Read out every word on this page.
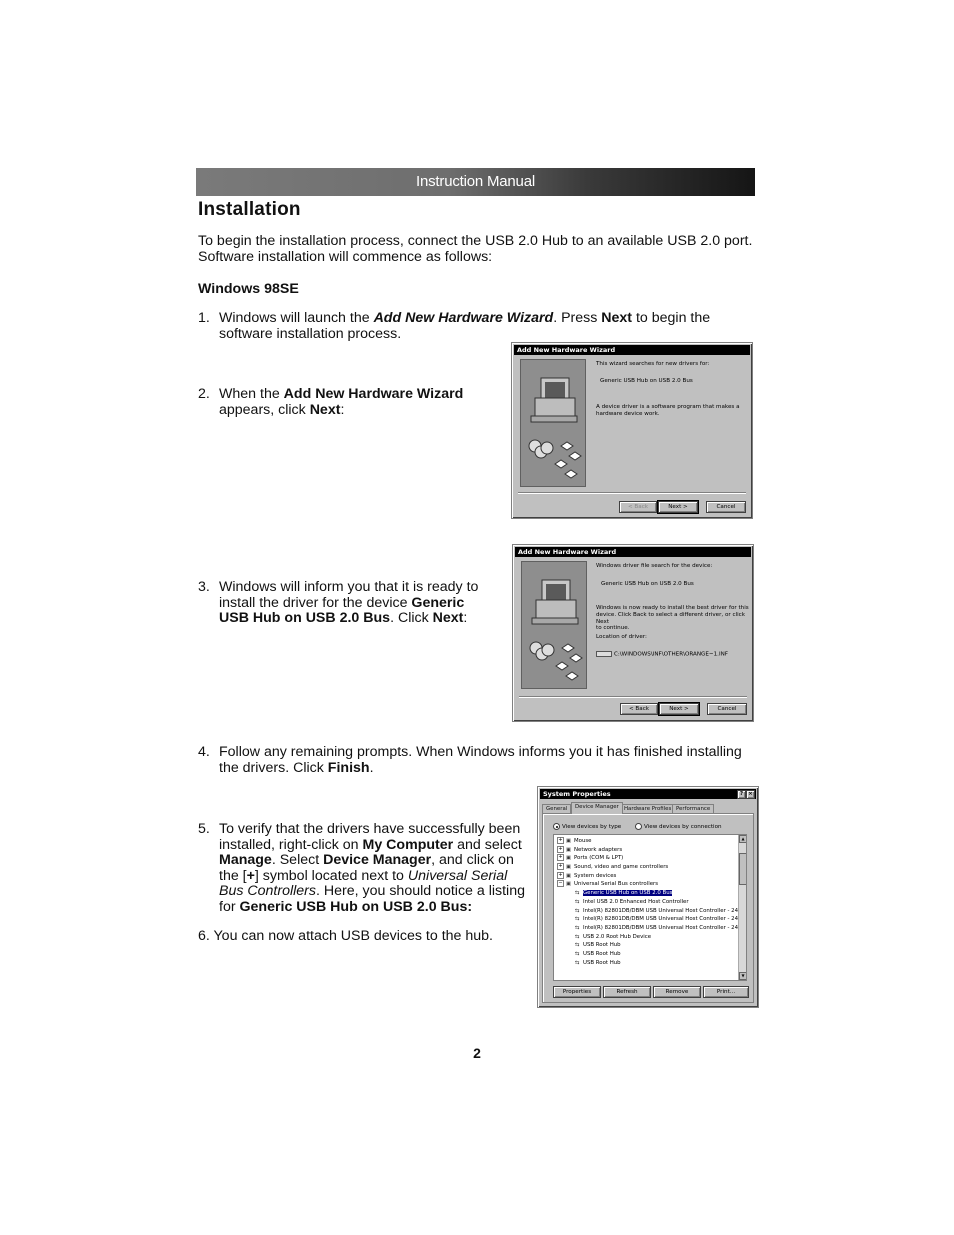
Instruction Manual
Installation
To begin the installation process, connect the USB 2.0 Hub to an available USB 2.0 port.
Software installation will commence as follows:
Windows 98SE
1. Windows will launch the Add New Hardware Wizard. Press Next to begin the
software installation process.
2. When the Add New Hardware Wizard
appears, click Next:
Add New Hardware Wizard
This wizard searches for new drivers for:
Generic USB Hub on USB 2.0 Bus
A device driver is a software program that makes a
hardware device work.
< Back	Next >	Cancel
3. Windows will inform you that it is ready to
install the driver for the device Generic
USB Hub on USB 2.0 Bus. Click Next:
Add New Hardware Wizard
Windows driver file search for the device:
Generic USB Hub on USB 2.0 Bus
Windows is now ready to install the best driver for this
device. Click Back to select a different driver, or click Next
to continue.
Location of driver:
C:\WINDOWS\INF\OTHER\ORANGE~1.INF
< Back	Next >	Cancel
4. Follow any remaining prompts. When Windows informs you it has finished installing
the drivers. Click Finish.
5. To verify that the drivers have successfully been
installed, right-click on My Computer and select
Manage. Select Device Manager, and click on
the [+] symbol located next to Universal Serial
Bus Controllers. Here, you should notice a listing
for Generic USB Hub on USB 2.0 Bus:
6. You can now attach USB devices to the hub.
System Properties	? ×
General	Device Manager Hardware Profiles Performance
View devices by type	View devices by connection
+ ▣ Mouse
+ ▣ Network adapters
+ ▣ Ports (COM & LPT)
+ ▣ Sound, video and game controllers
+ ▣ System devices
− ▣ Universal Serial Bus controllers
⇆ Generic USB Hub on USB 2.0 Bus
⇆ Intel USB 2.0 Enhanced Host Controller
⇆ Intel(R) 82801DB/DBM USB Universal Host Controller - 24
⇆ Intel(R) 82801DB/DBM USB Universal Host Controller - 24
⇆ Intel(R) 82801DB/DBM USB Universal Host Controller - 24
⇆ USB 2.0 Root Hub Device
⇆ USB Root Hub
⇆ USB Root Hub
⇆ USB Root Hub
▲
▼
Properties	Refresh	Remove	Print...
2
